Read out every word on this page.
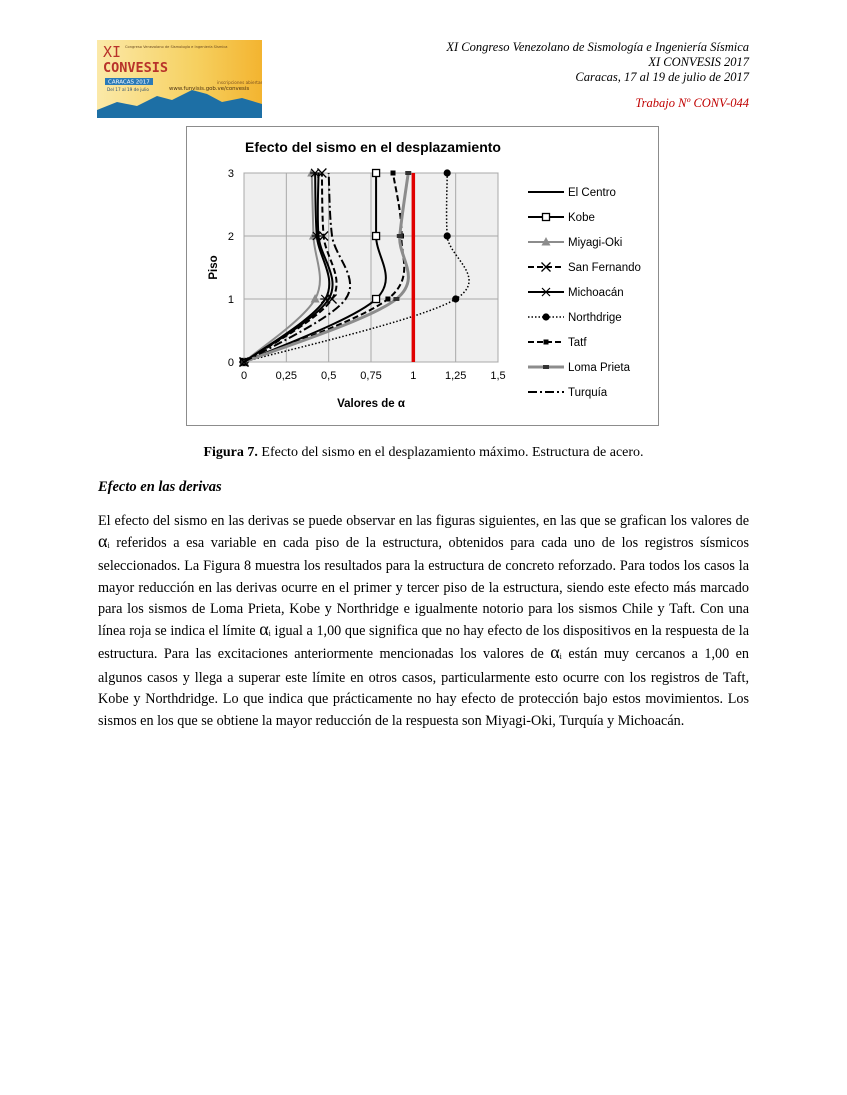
XI
CONVESIS
Congreso Venezolano de Sismología e Ingeniería Sísmica
CARACAS 2017
Del 17 al 19 de julio
inscripciones abiertas
www.funvisis.gob.ve/convesis
XI Congreso Venezolano de Sismología e Ingeniería Sísmica
XI CONVESIS 2017
Caracas, 17 al 19 de julio de 2017
Trabajo Nº CONV-044
Efecto del sismo en el desplazamiento
0	0,25 0,5 0,75	1	1,25 1,5
0
1
2
3
Valores de α
Piso
El Centro
Kobe
Miyagi-Oki
San Fernando
Michoacán
Northdrige
Tatf
Loma Prieta
Turquía
Figura 7. Efecto del sismo en el desplazamiento máximo. Estructura de acero.
Efecto en las derivas
El efecto del sismo en las derivas se puede observar en las figuras siguientes, en las que se grafican los valores de αi referidos a esa variable en cada piso de la estructura, obtenidos para cada uno de los registros sísmicos seleccionados. La Figura 8 muestra los resultados para la estructura de concreto reforzado. Para todos los casos la mayor reducción en las derivas ocurre en el primer y tercer piso de la estructura, siendo este efecto más marcado para los sismos de Loma Prieta, Kobe y Northridge e igualmente notorio para los sismos Chile y Taft. Con una línea roja se indica el límite αi igual a 1,00 que significa que no hay efecto de los dispositivos en la respuesta de la estructura. Para las excitaciones anteriormente mencionadas los valores de αi están muy cercanos a 1,00 en algunos casos y llega a superar este límite en otros casos, particularmente esto ocurre con los registros de Taft, Kobe y Northdridge. Lo que indica que prácticamente no hay efecto de protección bajo estos movimientos. Los sismos en los que se obtiene la mayor reducción de la respuesta son Miyagi-Oki, Turquía y Michoacán.
